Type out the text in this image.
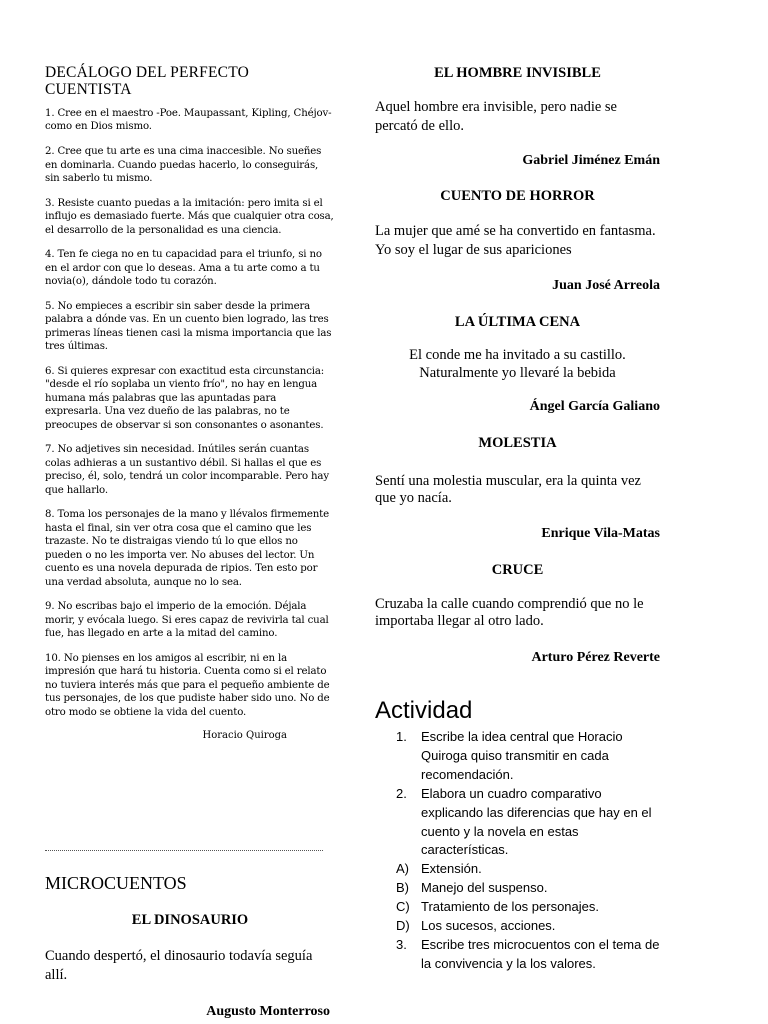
DECÁLOGO DEL PERFECTO CUENTISTA

1. Cree en el maestro -Poe. Maupassant, Kipling, Chéjov- como en Dios mismo.

2. Cree que tu arte es una cima inaccesible. No sueñes en dominarla. Cuando puedas hacerlo, lo conseguirás, sin saberlo tu mismo.

3. Resiste cuanto puedas a la imitación: pero imita si el influjo es demasiado fuerte. Más que cualquier otra cosa, el desarrollo de la personalidad es una ciencia.

4. Ten fe ciega no en tu capacidad para el triunfo, si no en el ardor con que lo deseas. Ama a tu arte como a tu novia(o), dándole todo tu corazón.

5. No empieces a escribir sin saber desde la primera palabra a dónde vas. En un cuento bien logrado, las tres primeras líneas tienen casi la misma importancia que las tres últimas.

6. Si quieres expresar con exactitud esta circunstancia: "desde el río soplaba un viento frío", no hay en lengua humana más palabras que las apuntadas para expresarla. Una vez dueño de las palabras, no te preocupes de observar si son consonantes o asonantes.

7. No adjetives sin necesidad. Inútiles serán cuantas colas adhieras a un sustantivo débil. Si hallas el que es preciso, él, solo, tendrá un color incomparable. Pero hay que hallarlo.

8. Toma los personajes de la mano y llévalos firmemente hasta el final, sin ver otra cosa que el camino que les trazaste. No te distraigas viendo tú lo que ellos no pueden o no les importa ver. No abuses del lector. Un cuento es una novela depurada de ripios. Ten esto por una verdad absoluta, aunque no lo sea.

9. No escribas bajo el imperio de la emoción. Déjala morir, y evócala luego. Si eres capaz de revivirla tal cual fue, has llegado en arte a la mitad del camino.

10. No pienses en los amigos al escribir, ni en la impresión que hará tu historia. Cuenta como si el relato no tuviera interés más que para el pequeño ambiente de tus personajes, de los que pudiste haber sido uno. No de otro modo se obtiene la vida del cuento.

Horacio Quiroga

MICROCUENTOS

EL DINOSAURIO

Cuando despertó, el dinosaurio todavía seguía allí.

Augusto Monterroso

EL HOMBRE INVISIBLE

Aquel hombre era invisible, pero nadie se percató de ello.

Gabriel Jiménez Emán

CUENTO DE HORROR

La mujer que amé se ha convertido en fantasma. Yo soy el lugar de sus apariciones

Juan José Arreola

LA ÚLTIMA CENA

El conde me ha invitado a su castillo. Naturalmente yo llevaré la bebida

Ángel García Galiano

MOLESTIA

Sentí una molestia muscular, era la quinta vez que yo nacía.

Enrique Vila-Matas

CRUCE

Cruzaba la calle cuando comprendió que no le importaba llegar al otro lado.

Arturo Pérez Reverte

Actividad
1. Escribe la idea central que Horacio Quiroga quiso transmitir en cada recomendación.
2. Elabora un cuadro comparativo explicando las diferencias que hay en el cuento y la novela en estas características.
A) Extensión.
B) Manejo del suspenso.
C) Tratamiento de los personajes.
D) Los sucesos, acciones.
3. Escribe tres microcuentos con el tema de la convivencia y la los valores.
